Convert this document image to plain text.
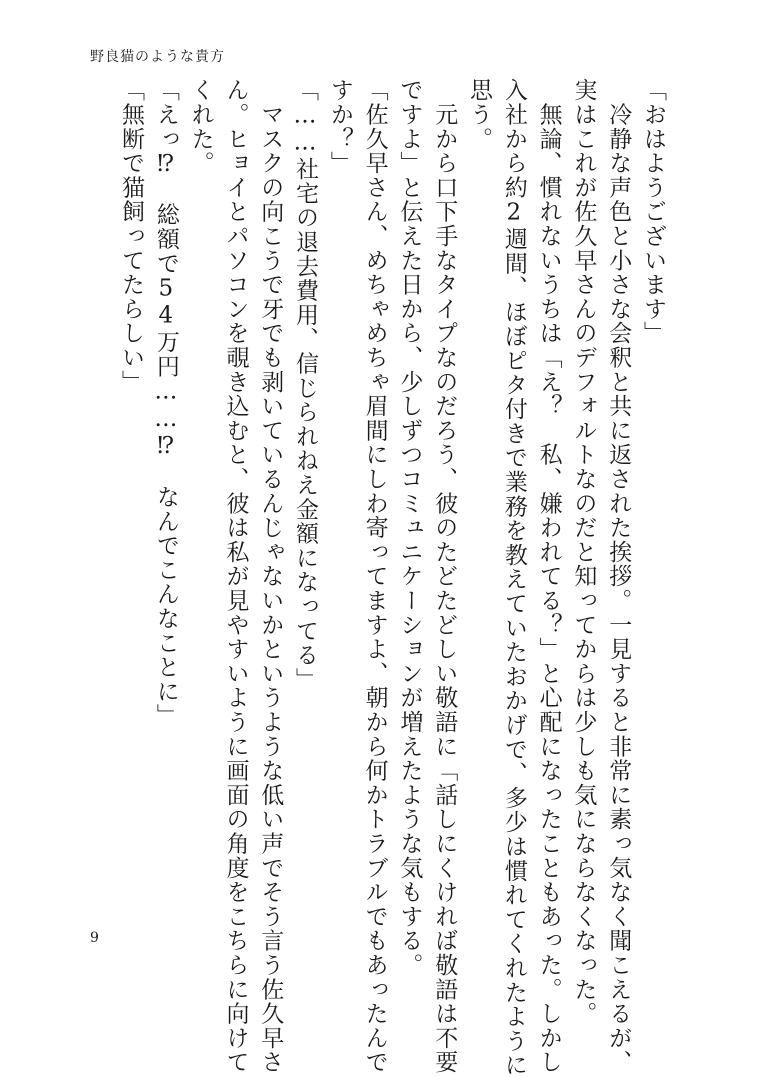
野良猫のような貴方
「おはようございます」
　冷静な声色と小さな会釈と共に返された挨拶。一見すると非常に素っ気なく聞こえるが、
実はこれが佐久早さんのデフォルトなのだと知ってからは少しも気にならなくなった。
　無論、慣れないうちは「え？　私、嫌われてる？」と心配になったこともあった。しかし
入社から約2週間、ほぼピタ付きで業務を教えていたおかげで、多少は慣れてくれたように
思う。
　元から口下手なタイプなのだろう、彼のたどたどしい敬語に「話しにくければ敬語は不要
ですよ」と伝えた日から、少しずつコミュニケーションが増えたような気もする。
「佐久早さん、めちゃめちゃ眉間にしわ寄ってますよ、朝から何かトラブルでもあったんで
すか？」
「……社宅の退去費用、信じられねえ金額になってる」
　マスクの向こうで牙でも剥いているんじゃないかというような低い声でそう言う佐久早さ
ん。ヒョイとパソコンを覗き込むと、彼は私が見やすいように画面の角度をこちらに向けて
くれた。
「えっ⁉　総額で54万円……⁉　なんでこんなことに」
「無断で猫飼ってたらしい」
9
